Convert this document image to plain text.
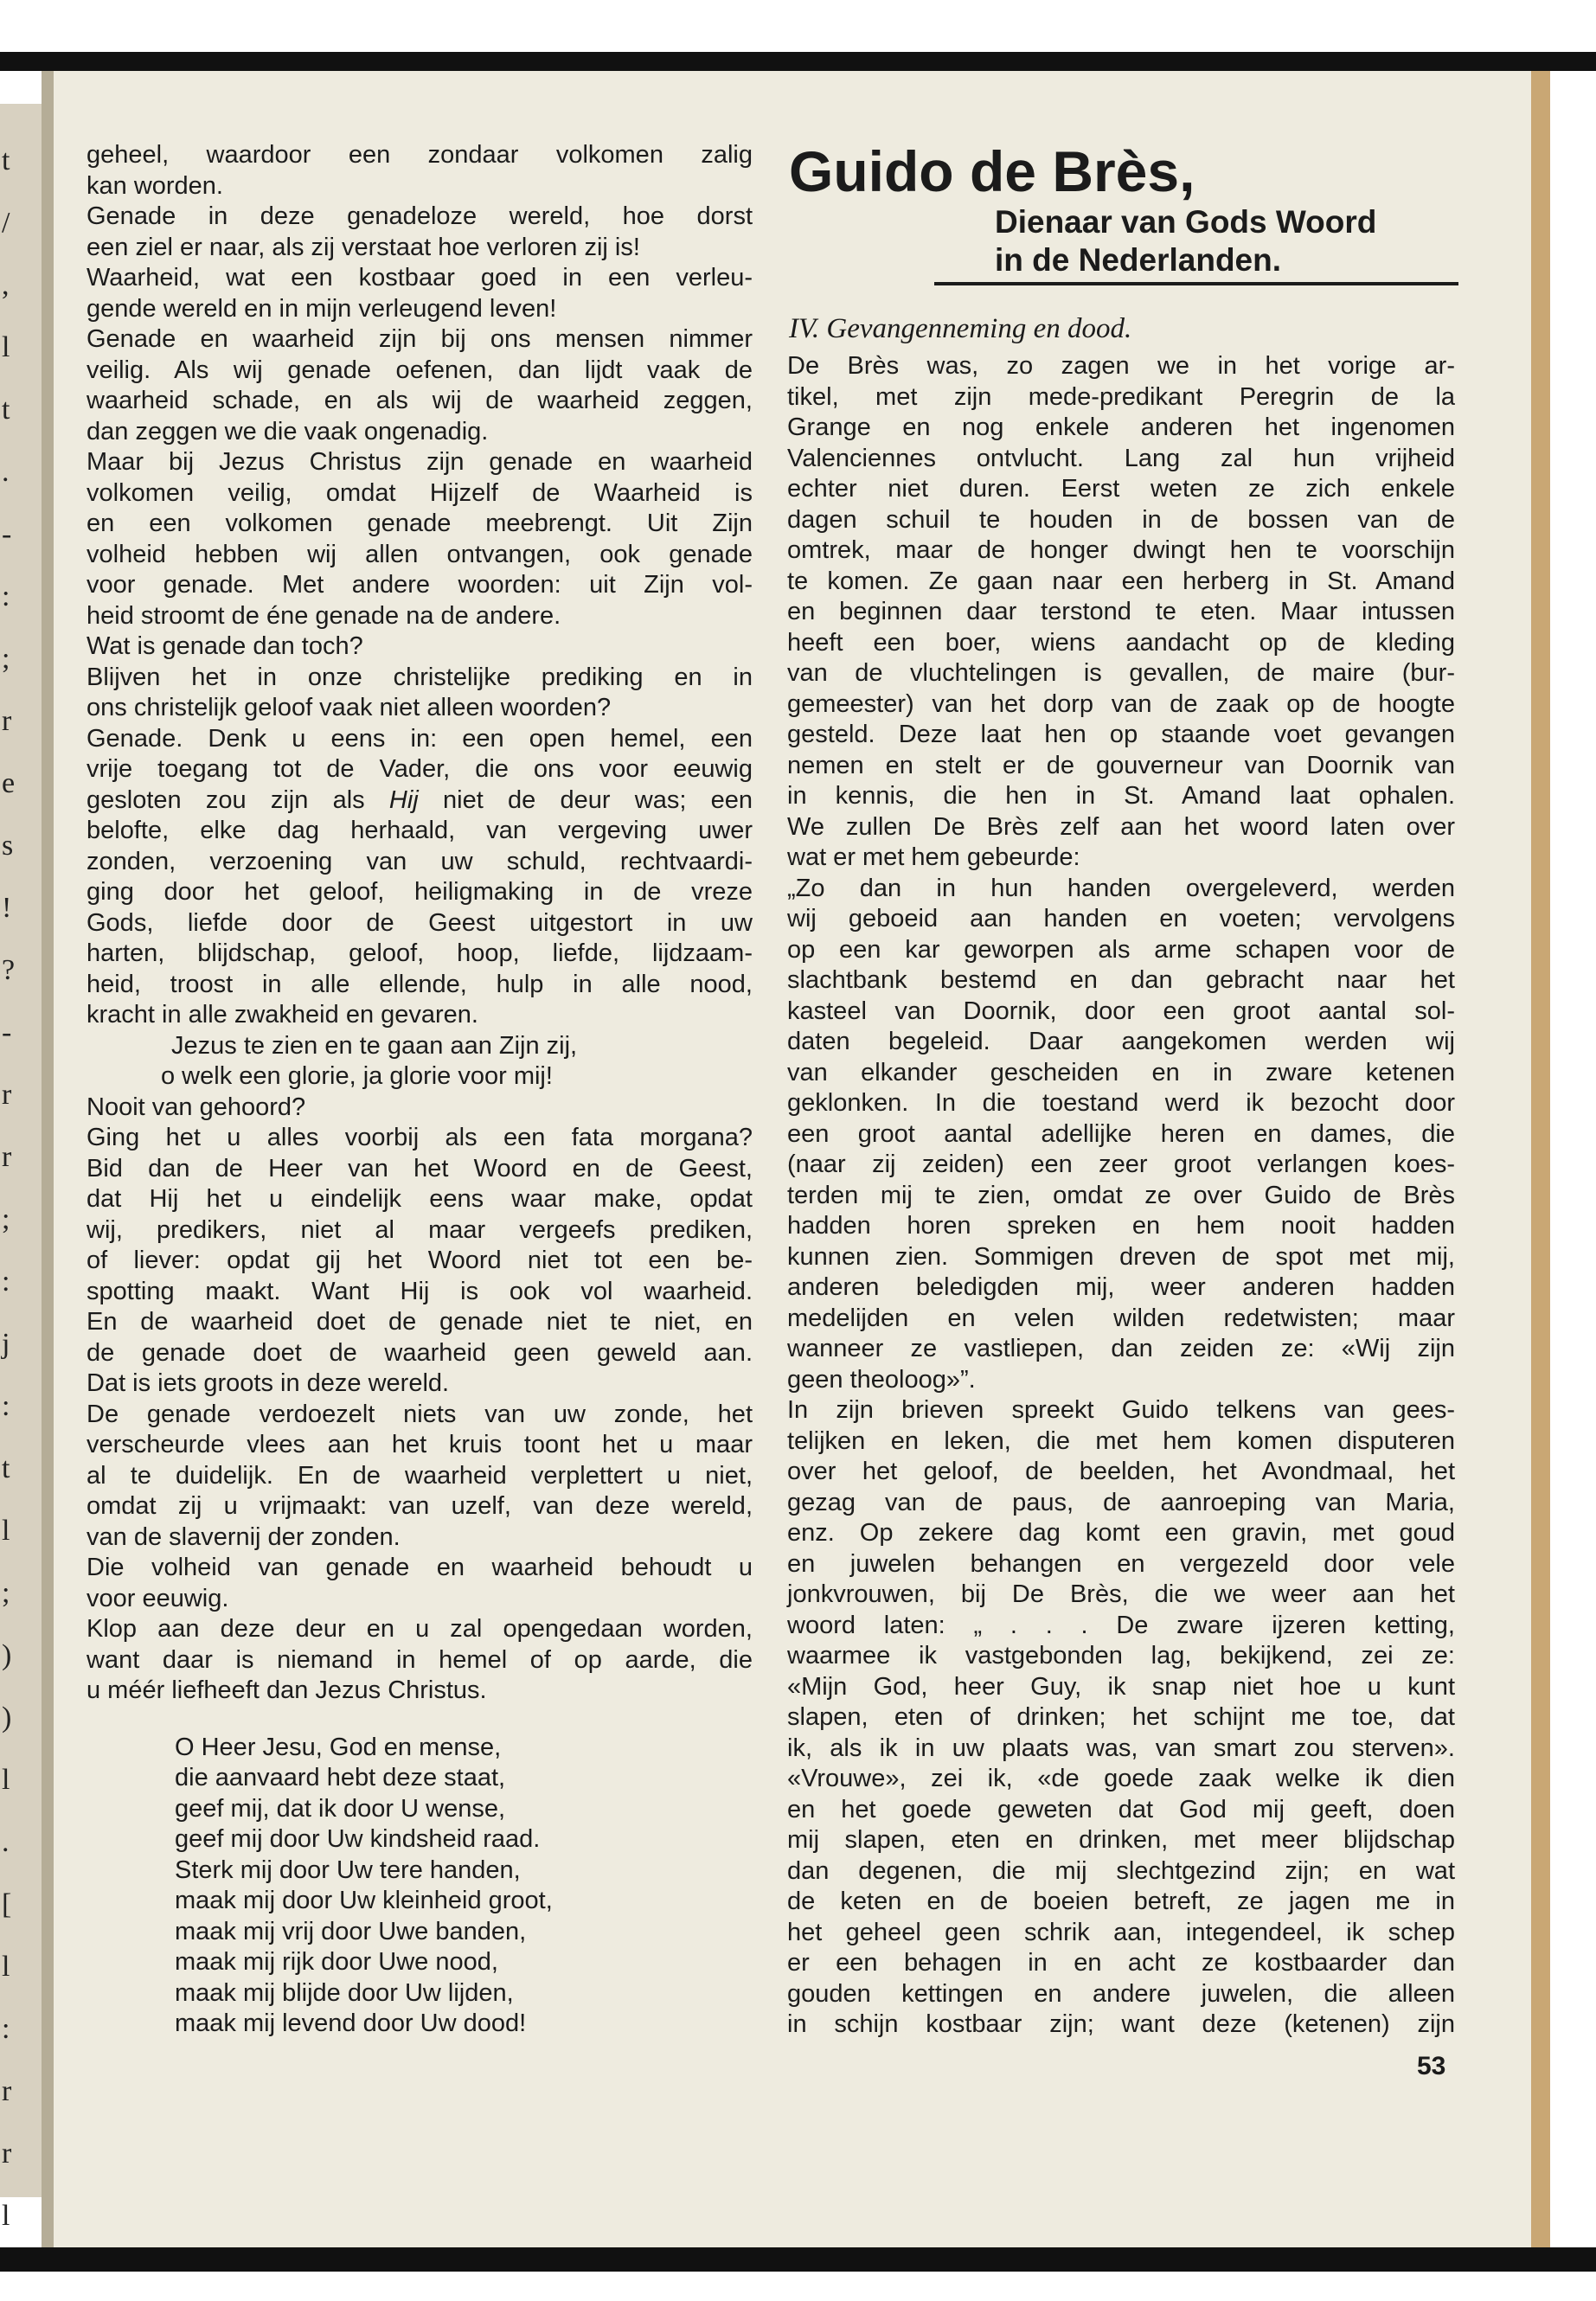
t
/
,
l
t
.
-
:
;
r
e
s
!
?
-
r
r
;
:
j
:
t
l
;
)
)
l
.
[
l
:
r
r
l
geheel, waardoor een zondaar volkomen zalig
kan worden.
Genade in deze genadeloze wereld, hoe dorst
een ziel er naar, als zij verstaat hoe verloren zij is!
Waarheid, wat een kostbaar goed in een verleu-
gende wereld en in mijn verleugend leven!
Genade en waarheid zijn bij ons mensen nimmer
veilig. Als wij genade oefenen, dan lijdt vaak de
waarheid schade, en als wij de waarheid zeggen,
dan zeggen we die vaak ongenadig.
Maar bij Jezus Christus zijn genade en waarheid
volkomen veilig, omdat Hijzelf de Waarheid is
en een volkomen genade meebrengt. Uit Zijn
volheid hebben wij allen ontvangen, ook genade
voor genade. Met andere woorden: uit Zijn vol-
heid stroomt de éne genade na de andere.
Wat is genade dan toch?
Blijven het in onze christelijke prediking en in
ons christelijk geloof vaak niet alleen woorden?
Genade. Denk u eens in: een open hemel, een
vrije toegang tot de Vader, die ons voor eeuwig
gesloten zou zijn als Hij niet de deur was; een
belofte, elke dag herhaald, van vergeving uwer
zonden, verzoening van uw schuld, rechtvaardi-
ging door het geloof, heiligmaking in de vreze
Gods, liefde door de Geest uitgestort in uw
harten, blijdschap, geloof, hoop, liefde, lijdzaam-
heid, troost in alle ellende, hulp in alle nood,
kracht in alle zwakheid en gevaren.
Jezus te zien en te gaan aan Zijn zij,
o welk een glorie, ja glorie voor mij!
Nooit van gehoord?
Ging het u alles voorbij als een fata morgana?
Bid dan de Heer van het Woord en de Geest,
dat Hij het u eindelijk eens waar make, opdat
wij, predikers, niet al maar vergeefs prediken,
of liever: opdat gij het Woord niet tot een be-
spotting maakt. Want Hij is ook vol waarheid.
En de waarheid doet de genade niet te niet, en
de genade doet de waarheid geen geweld aan.
Dat is iets groots in deze wereld.
De genade verdoezelt niets van uw zonde, het
verscheurde vlees aan het kruis toont het u maar
al te duidelijk. En de waarheid verplettert u niet,
omdat zij u vrijmaakt: van uzelf, van deze wereld,
van de slavernij der zonden.
Die volheid van genade en waarheid behoudt u
voor eeuwig.
Klop aan deze deur en u zal opengedaan worden,
want daar is niemand in hemel of op aarde, die
u méér liefheeft dan Jezus Christus.
O Heer Jesu, God en mense,
die aanvaard hebt deze staat,
geef mij, dat ik door U wense,
geef mij door Uw kindsheid raad.
Sterk mij door Uw tere handen,
maak mij door Uw kleinheid groot,
maak mij vrij door Uwe banden,
maak mij rijk door Uwe nood,
maak mij blijde door Uw lijden,
maak mij levend door Uw dood!
Guido de Brès,
Dienaar van Gods Woord
in de Nederlanden.
IV. Gevangenneming en dood.
De Brès was, zo zagen we in het vorige ar-
tikel, met zijn mede-predikant Peregrin de la
Grange en nog enkele anderen het ingenomen
Valenciennes ontvlucht. Lang zal hun vrijheid
echter niet duren. Eerst weten ze zich enkele
dagen schuil te houden in de bossen van de
omtrek, maar de honger dwingt hen te voorschijn
te komen. Ze gaan naar een herberg in St. Amand
en beginnen daar terstond te eten. Maar intussen
heeft een boer, wiens aandacht op de kleding
van de vluchtelingen is gevallen, de maire (bur-
gemeester) van het dorp van de zaak op de hoogte
gesteld. Deze laat hen op staande voet gevangen
nemen en stelt er de gouverneur van Doornik van
in kennis, die hen in St. Amand laat ophalen.
We zullen De Brès zelf aan het woord laten over
wat er met hem gebeurde:
„Zo dan in hun handen overgeleverd, werden
wij geboeid aan handen en voeten; vervolgens
op een kar geworpen als arme schapen voor de
slachtbank bestemd en dan gebracht naar het
kasteel van Doornik, door een groot aantal sol-
daten begeleid. Daar aangekomen werden wij
van elkander gescheiden en in zware ketenen
geklonken. In die toestand werd ik bezocht door
een groot aantal adellijke heren en dames, die
(naar zij zeiden) een zeer groot verlangen koes-
terden mij te zien, omdat ze over Guido de Brès
hadden horen spreken en hem nooit hadden
kunnen zien. Sommigen dreven de spot met mij,
anderen beledigden mij, weer anderen hadden
medelijden en velen wilden redetwisten; maar
wanneer ze vastliepen, dan zeiden ze: «Wij zijn
geen theoloog»”.
In zijn brieven spreekt Guido telkens van gees-
telijken en leken, die met hem komen disputeren
over het geloof, de beelden, het Avondmaal, het
gezag van de paus, de aanroeping van Maria,
enz. Op zekere dag komt een gravin, met goud
en juwelen behangen en vergezeld door vele
jonkvrouwen, bij De Brès, die we weer aan het
woord laten: „ . . . De zware ijzeren ketting,
waarmee ik vastgebonden lag, bekijkend, zei ze:
«Mijn God, heer Guy, ik snap niet hoe u kunt
slapen, eten of drinken; het schijnt me toe, dat
ik, als ik in uw plaats was, van smart zou sterven».
«Vrouwe», zei ik, «de goede zaak welke ik dien
en het goede geweten dat God mij geeft, doen
mij slapen, eten en drinken, met meer blijdschap
dan degenen, die mij slechtgezind zijn; en wat
de keten en de boeien betreft, ze jagen me in
het geheel geen schrik aan, integendeel, ik schep
er een behagen in en acht ze kostbaarder dan
gouden kettingen en andere juwelen, die alleen
in schijn kostbaar zijn; want deze (ketenen) zijn
53
